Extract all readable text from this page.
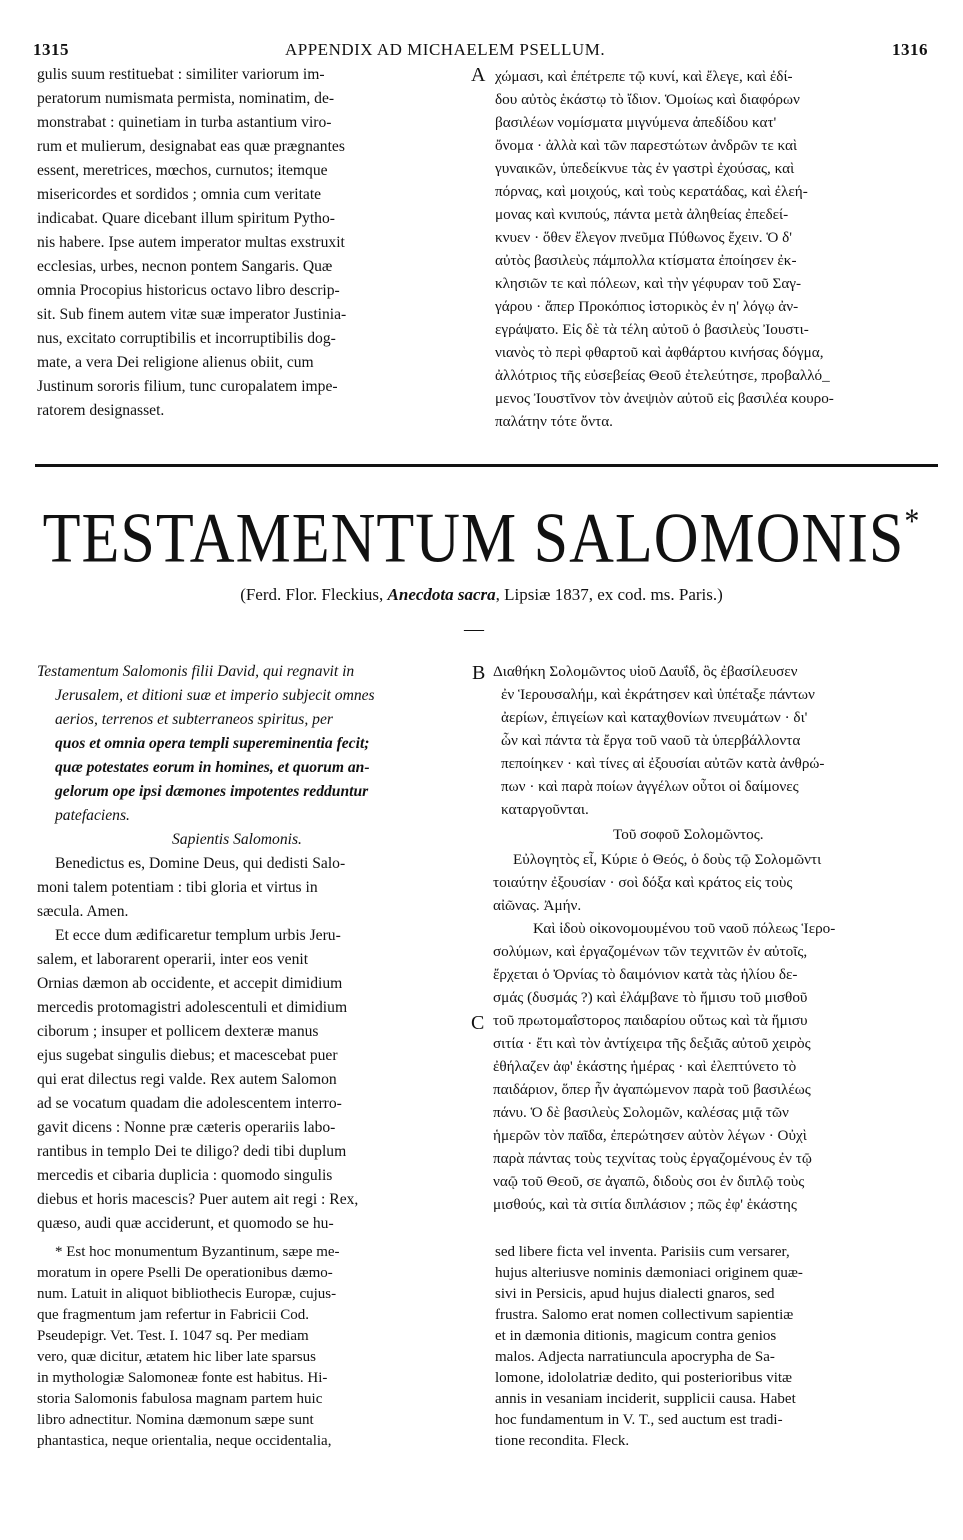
1315	APPENDIX AD MICHAELEM PSELLUM.	1316
gulis suum restituebat : similiter variorum im-
peratorum numismata permista, nominatim, de-
monstrabat : quinetiam in turba astantium viro-
rum et mulierum, designabat eas quæ prægnantes
essent, meretrices, mœchos, curnutos; itemque
misericordes et sordidos ; omnia cum veritate
indicabat. Quare dicebant illum spiritum Pytho-
nis habere. Ipse autem imperator multas exstruxit
ecclesias, urbes, necnon pontem Sangaris. Quæ
omnia Procopius historicus octavo libro descrip-
sit. Sub finem autem vitæ suæ imperator Justinia-
nus, excitato corruptibilis et incorruptibilis dog-
mate, a vera Dei religione alienus obiit, cum
Justinum sororis filium, tunc curopalatem impe-
ratorem designasset.
A χώμασι, καὶ ἐπέτρεπε τῷ κυνί, καὶ ἔλεγε, καὶ ἐδί-
δου αὐτὸς ἑκάστῳ τὸ ἴδιον. Ὁμοίως καὶ διαφόρων
βασιλέων νομίσματα μιγνύμενα ἀπεδίδου κατ'
ὄνομα · ἀλλὰ καὶ τῶν παρεστώτων ἀνδρῶν τε καὶ
γυναικῶν, ὑπεδείκνυε τὰς ἐν γαστρὶ ἐχούσας, καὶ
πόρνας, καὶ μοιχούς, καὶ τοὺς κερατάδας, καὶ ἐλεή-
μονας καὶ κνιπούς, πάντα μετὰ ἀληθείας ἐπεδεί-
κνυεν · ὅθεν ἔλεγον πνεῦμα Πύθωνος ἔχειν. Ὁ δ'
αὐτὸς βασιλεὺς πάμπολλα κτίσματα ἐποίησεν ἐκ-
κλησιῶν τε καὶ πόλεων, καὶ τὴν γέφυραν τοῦ Σαγ-
γάρου · ἅπερ Προκόπιος ἱστορικὸς ἐν η' λόγῳ ἀν-
εγράψατο. Εἰς δὲ τὰ τέλη αὐτοῦ ὁ βασιλεὺς Ἰουστι-
νιανὸς τὸ περὶ φθαρτοῦ καὶ ἀφθάρτου κινήσας δόγμα,
ἀλλότριος τῆς εὐσεβείας Θεοῦ ἐτελεύτησε, προβαλλό_
μενος Ἰουστῖνον τὸν ἀνεψιὸν αὐτοῦ εἰς βασιλέα κουρο-
παλάτην τότε ὄντα.
TESTAMENTUM SALOMONIS*
(Ferd. Flor. Fleckius, Anecdota sacra, Lipsiæ 1837, ex cod. ms. Paris.)
—
Testamentum Salomonis filii David, qui regnavit in
Jerusalem, et ditioni suæ et imperio subjecit omnes
aerios, terrenos et subterraneos spiritus, per
quos et omnia opera templi supereminentia fecit;
quæ potestates eorum in homines, et quorum an-
gelorum ope ipsi dæmones impotentes redduntur
patefaciens.
Sapientis Salomonis.
Benedictus es, Domine Deus, qui dedisti Salo-
moni talem potentiam : tibi gloria et virtus in
sæcula. Amen.
Et ecce dum ædificaretur templum urbis Jeru-
salem, et laborarent operarii, inter eos venit
Ornias dæmon ab occidente, et accepit dimidium
mercedis protomagistri adolescentuli et dimidium
ciborum ; insuper et pollicem dexteræ manus
ejus sugebat singulis diebus; et macescebat puer
qui erat dilectus regi valde. Rex autem Salomon
ad se vocatum quadam die adolescentem interro-
gavit dicens : Nonne præ cæteris operariis labo-
rantibus in templo Dei te diligo? dedi tibi duplum
mercedis et cibaria duplicia : quomodo singulis
diebus et horis macescis? Puer autem ait regi : Rex,
quæso, audi quæ acciderunt, et quomodo se hu-
B
C
Διαθήκη Σολομῶντος υἱοῦ Δαυΐδ, ὃς ἐβασίλευσεν
ἐν Ἱερουσαλήμ, καὶ ἐκράτησεν καὶ ὑπέταξε πάντων
ἀερίων, ἐπιγείων καὶ καταχθονίων πνευμάτων · δι'
ὧν καὶ πάντα τὰ ἔργα τοῦ ναοῦ τὰ ὑπερβάλλοντα
πεποίηκεν · καὶ τίνες αἱ ἐξουσίαι αὐτῶν κατὰ ἀνθρώ-
πων · καὶ παρὰ ποίων ἀγγέλων οὗτοι οἱ δαίμονες
καταργοῦνται.
Τοῦ σοφοῦ Σολομῶντος.
Εὐλογητὸς εἶ, Κύριε ὁ Θεός, ὁ δοὺς τῷ Σολομῶντι
τοιαύτην ἐξουσίαν · σοὶ δόξα καὶ κράτος εἰς τοὺς
αἰῶνας. Ἀμήν.
Καὶ ἰδοὺ οἰκονομουμένου τοῦ ναοῦ πόλεως Ἱερο-
σολύμων, καὶ ἐργαζομένων τῶν τεχνιτῶν ἐν αὐτοῖς,
ἔρχεται ὁ Ὀρνίας τὸ δαιμόνιον κατὰ τὰς ἡλίου δε-
σμάς (δυσμάς ?) καὶ ἐλάμβανε τὸ ἥμισυ τοῦ μισθοῦ
τοῦ πρωτομαΐστορος παιδαρίου οὕτως καὶ τὰ ἥμισυ
σιτία · ἔτι καὶ τὸν ἀντίχειρα τῆς δεξιᾶς αὐτοῦ χειρὸς
ἐθήλαζεν ἀφ' ἑκάστης ἡμέρας · καὶ ἐλεπτύνετο τὸ
παιδάριον, ὅπερ ἦν ἀγαπώμενον παρὰ τοῦ βασιλέως
πάνυ. Ὁ δὲ βασιλεὺς Σολομῶν, καλέσας μιᾷ τῶν
ἡμερῶν τὸν παῖδα, ἐπερώτησεν αὐτὸν λέγων · Οὐχὶ
παρὰ πάντας τοὺς τεχνίτας τοὺς ἐργαζομένους ἐν τῷ
ναῷ τοῦ Θεοῦ, σε ἀγαπῶ, διδοὺς σοι ἐν διπλῷ τοὺς
μισθούς, καὶ τὰ σιτία διπλάσιον ; πῶς ἐφ' ἑκάστης
* Est hoc monumentum Byzantinum, sæpe me-
moratum in opere Pselli De operationibus dæmo-
num. Latuit in aliquot bibliothecis Europæ, cujus-
que fragmentum jam refertur in Fabricii Cod.
Pseudepigr. Vet. Test. I. 1047 sq. Per mediam
vero, quæ dicitur, ætatem hic liber late sparsus
in mythologiæ Salomoneæ fonte est habitus. Hi-
storia Salomonis fabulosa magnam partem huic
libro adnectitur. Nomina dæmonum sæpe sunt
phantastica, neque orientalia, neque occidentalia,
sed libere ficta vel inventa. Parisiis cum versarer,
hujus alteriusve nominis dæmoniaci originem quæ-
sivi in Persicis, apud hujus dialecti gnaros, sed
frustra. Salomo erat nomen collectivum sapientiæ
et in dæmonia ditionis, magicum contra genios
malos. Adjecta narratiuncula apocrypha de Sa-
lomone, idololatriæ dedito, qui posterioribus vitæ
annis in vesaniam inciderit, supplicii causa. Habet
hoc fundamentum in V. T., sed auctum est tradi-
tione recondita. Fleck.
